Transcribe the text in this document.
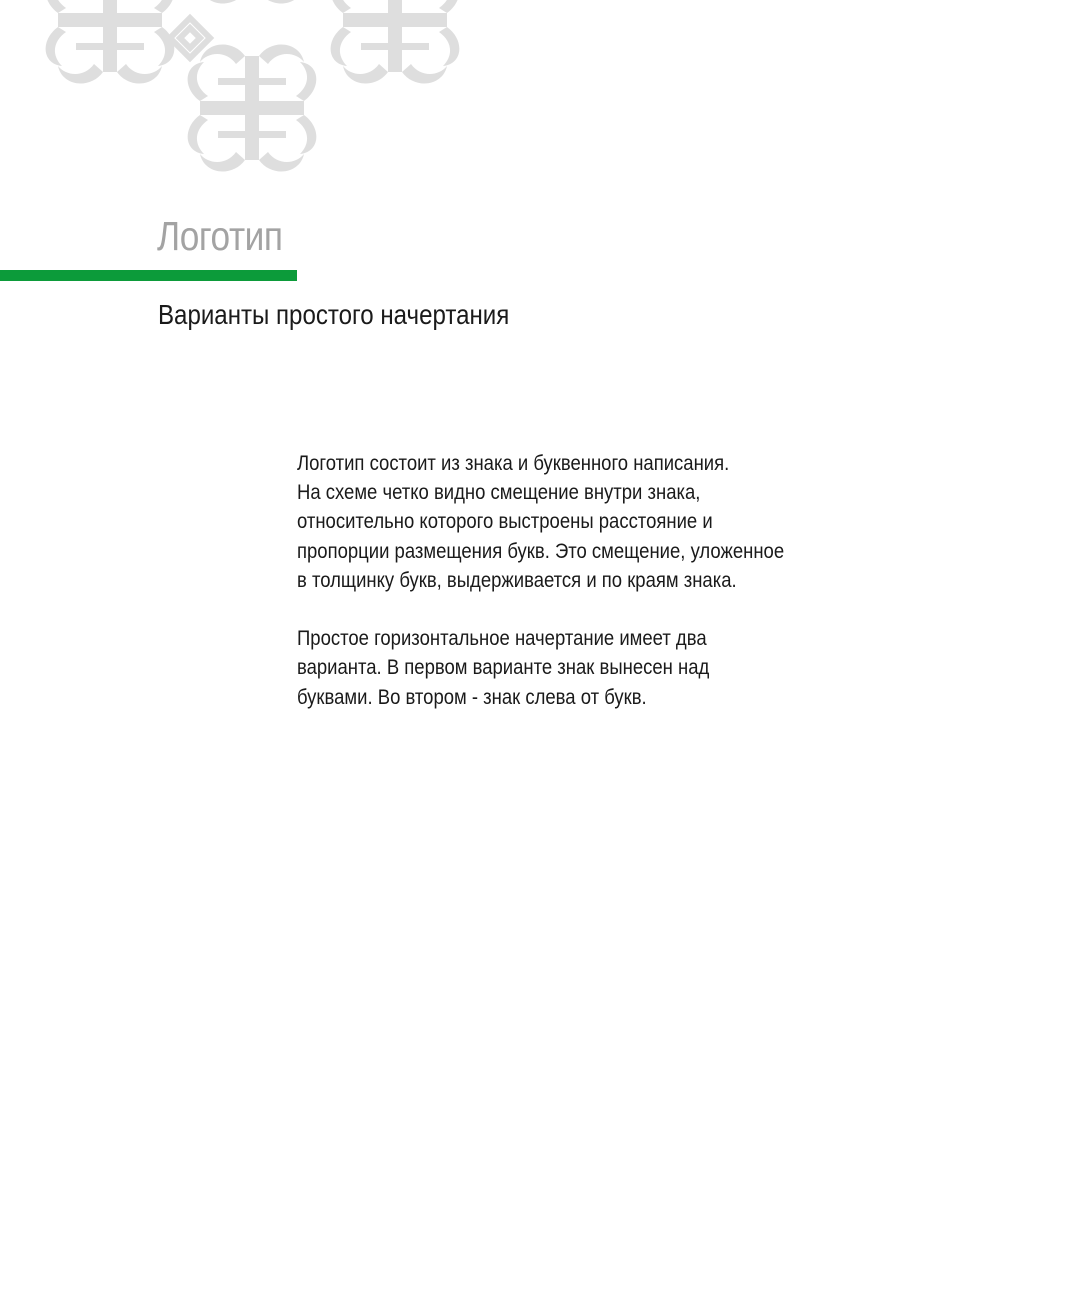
Логотип
Варианты простого начертания

Логотип состоит из знака и буквенного написания.
На схеме четко видно смещение внутри знака,
относительно которого выстроены расстояние и
пропорции размещения букв. Это смещение, уложенное
в толщинку букв, выдерживается и по краям знака.

Простое горизонтальное начертание имеет два
варианта. В первом варианте знак вынесен над
буквами. Во втором - знак слева от букв.
